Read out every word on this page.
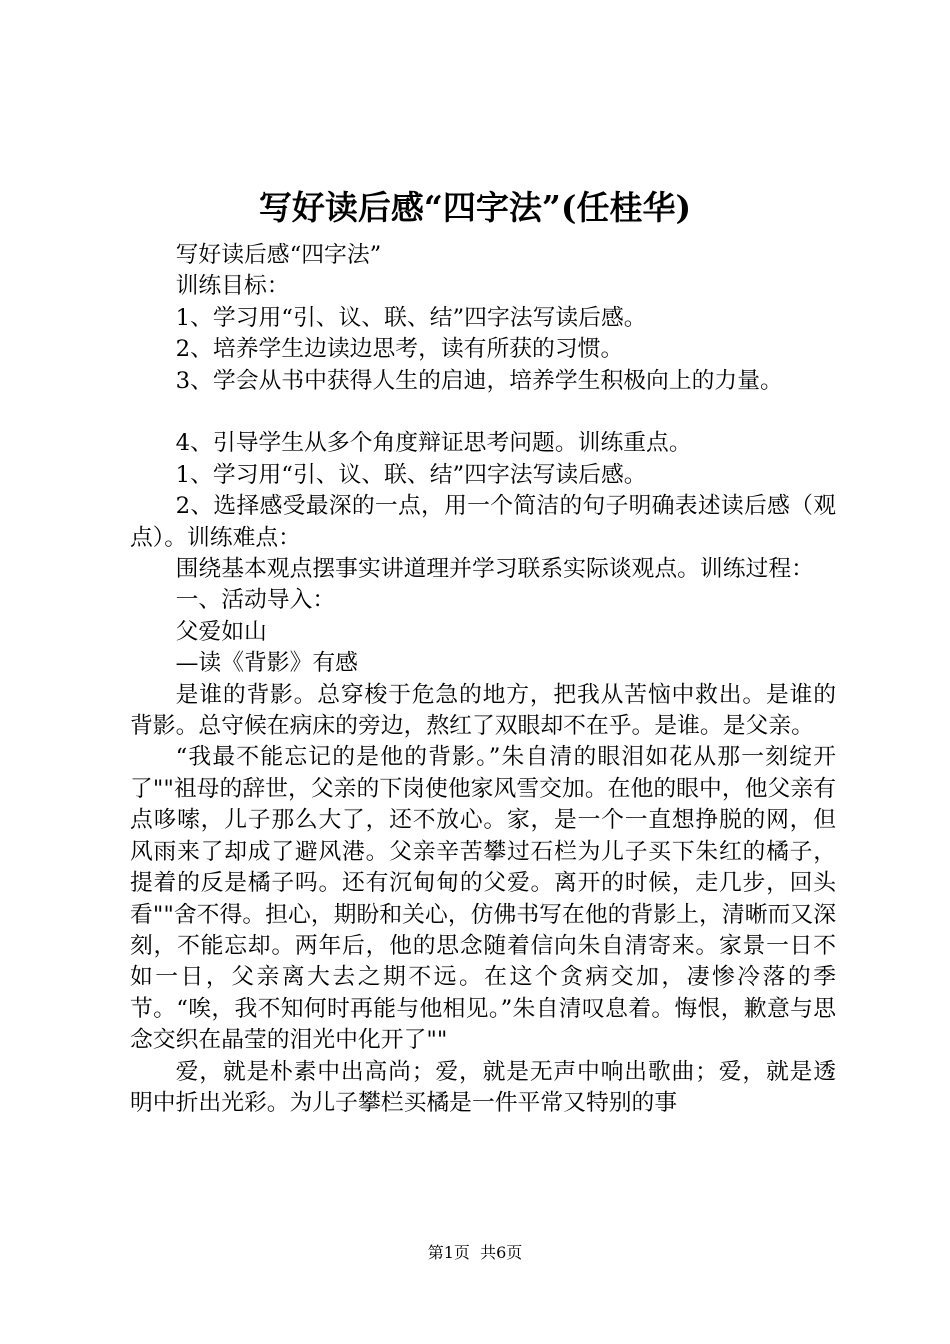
写好读后感“四字法”(任桂华)

写好读后感“四字法”

训练目标：

1、学习用“引、议、联、结”四字法写读后感。

2、培养学生边读边思考，读有所获的习惯。

3、学会从书中获得人生的启迪，培养学生积极向上的力量。

4、引导学生从多个角度辩证思考问题。训练重点。

1、学习用“引、议、联、结”四字法写读后感。

2、选择感受最深的一点，用一个简洁的句子明确表述读后感（观点）。训练难点：

围绕基本观点摆事实讲道理并学习联系实际谈观点。训练过程：

一、活动导入：

父爱如山

—读《背影》有感

是谁的背影。总穿梭于危急的地方，把我从苦恼中救出。是谁的背影。总守候在病床的旁边，熬红了双眼却不在乎。是谁。是父亲。

“我最不能忘记的是他的背影。”朱自清的眼泪如花从那一刻绽开了""祖母的辞世，父亲的下岗使他家风雪交加。在他的眼中，他父亲有点哆嗦，儿子那么大了，还不放心。家，是一个一直想挣脱的网，但风雨来了却成了避风港。父亲辛苦攀过石栏为儿子买下朱红的橘子，提着的反是橘子吗。还有沉甸甸的父爱。离开的时候，走几步，回头看""舍不得。担心，期盼和关心，仿佛书写在他的背影上，清晰而又深刻，不能忘却。两年后，他的思念随着信向朱自清寄来。家景一日不如一日，父亲离大去之期不远。在这个贪病交加，凄惨冷落的季节。“唉，我不知何时再能与他相见。”朱自清叹息着。悔恨，歉意与思念交织在晶莹的泪光中化开了""

爱，就是朴素中出高尚；爱，就是无声中响出歌曲；爱，就是透明中折出光彩。为儿子攀栏买橘是一件平常又特别的事

第1页  共6页
